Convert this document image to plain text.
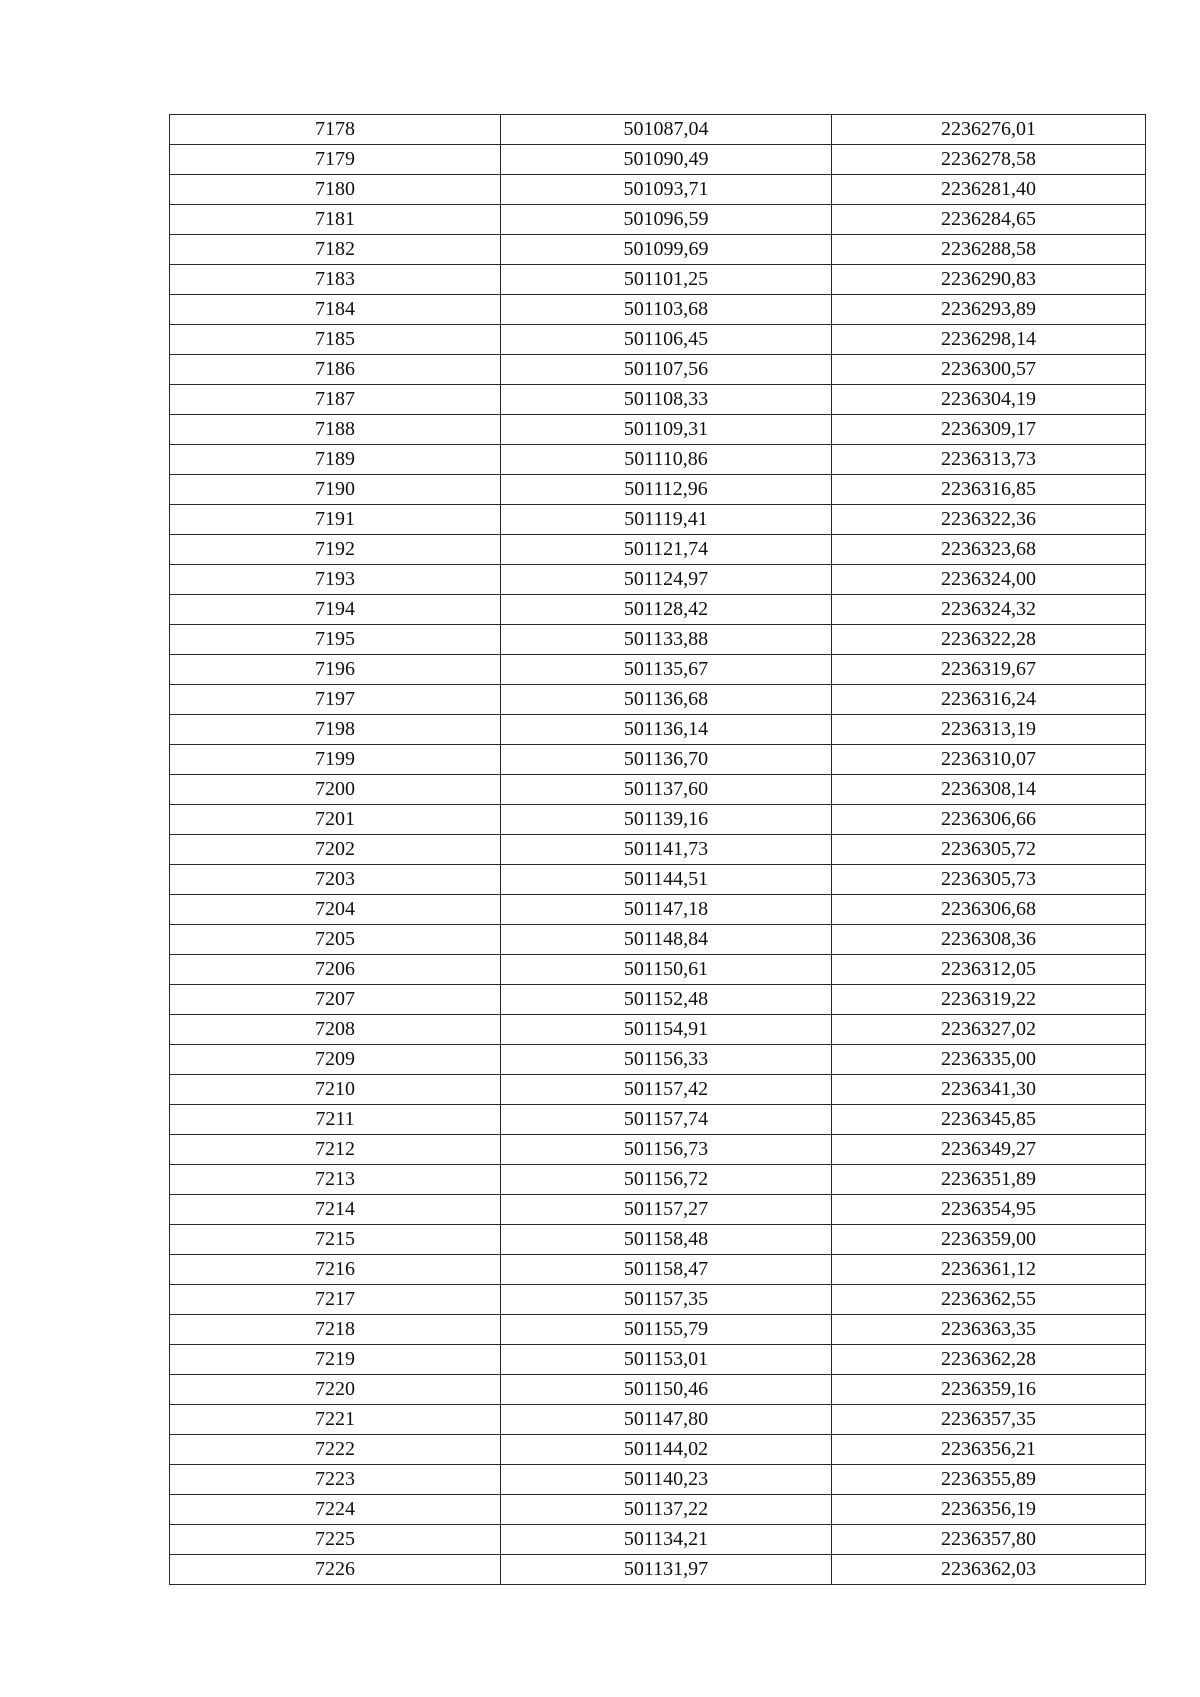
7178	501087,04	2236276,01
7179	501090,49	2236278,58
7180	501093,71	2236281,40
7181	501096,59	2236284,65
7182	501099,69	2236288,58
7183	501101,25	2236290,83
7184	501103,68	2236293,89
7185	501106,45	2236298,14
7186	501107,56	2236300,57
7187	501108,33	2236304,19
7188	501109,31	2236309,17
7189	501110,86	2236313,73
7190	501112,96	2236316,85
7191	501119,41	2236322,36
7192	501121,74	2236323,68
7193	501124,97	2236324,00
7194	501128,42	2236324,32
7195	501133,88	2236322,28
7196	501135,67	2236319,67
7197	501136,68	2236316,24
7198	501136,14	2236313,19
7199	501136,70	2236310,07
7200	501137,60	2236308,14
7201	501139,16	2236306,66
7202	501141,73	2236305,72
7203	501144,51	2236305,73
7204	501147,18	2236306,68
7205	501148,84	2236308,36
7206	501150,61	2236312,05
7207	501152,48	2236319,22
7208	501154,91	2236327,02
7209	501156,33	2236335,00
7210	501157,42	2236341,30
7211	501157,74	2236345,85
7212	501156,73	2236349,27
7213	501156,72	2236351,89
7214	501157,27	2236354,95
7215	501158,48	2236359,00
7216	501158,47	2236361,12
7217	501157,35	2236362,55
7218	501155,79	2236363,35
7219	501153,01	2236362,28
7220	501150,46	2236359,16
7221	501147,80	2236357,35
7222	501144,02	2236356,21
7223	501140,23	2236355,89
7224	501137,22	2236356,19
7225	501134,21	2236357,80
7226	501131,97	2236362,03
